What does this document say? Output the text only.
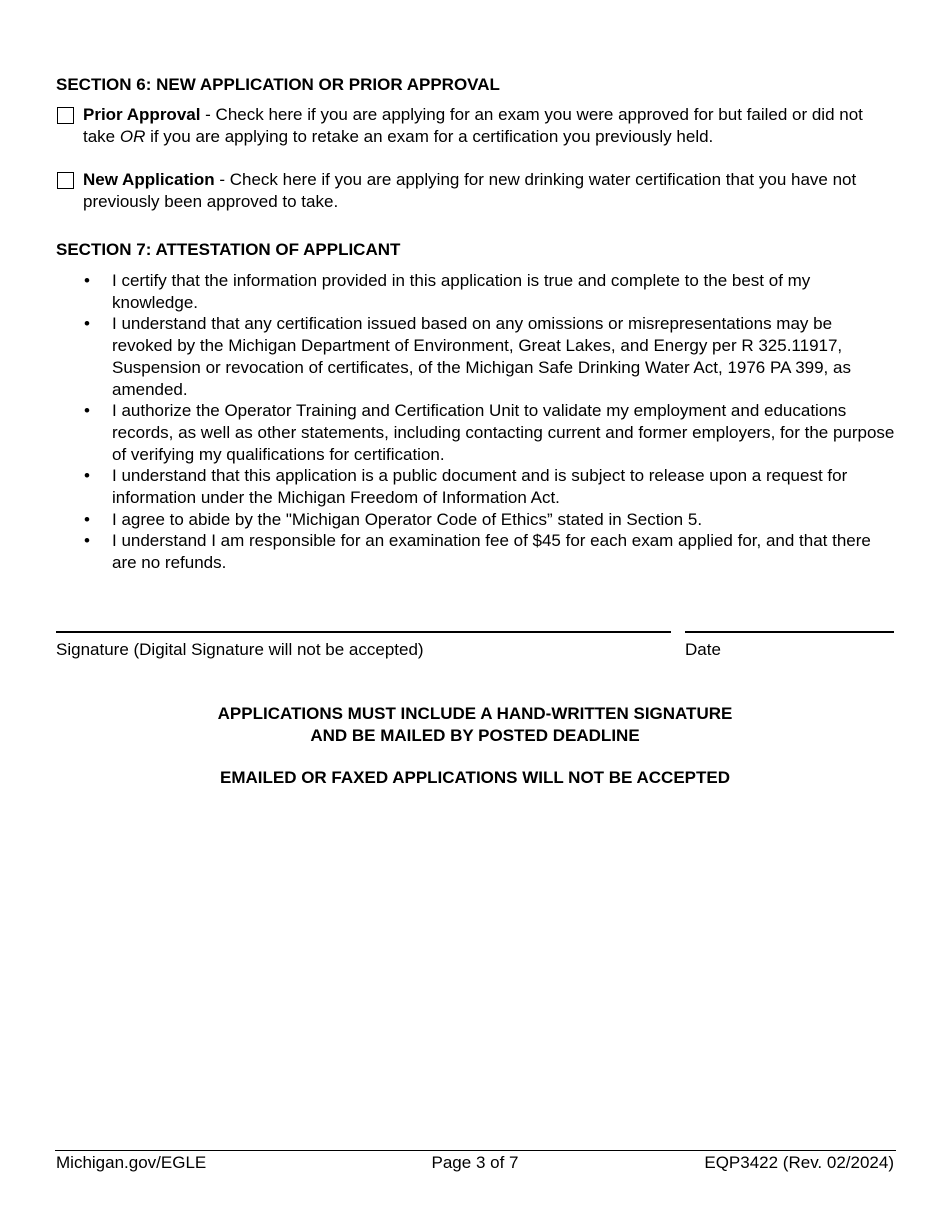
SECTION 6: NEW APPLICATION OR PRIOR APPROVAL
Prior Approval - Check here if you are applying for an exam you were approved for but failed or did not take OR if you are applying to retake an exam for a certification you previously held.
New Application - Check here if you are applying for new drinking water certification that you have not previously been approved to take.
SECTION 7: ATTESTATION OF APPLICANT
• I certify that the information provided in this application is true and complete to the best of my knowledge.
• I understand that any certification issued based on any omissions or misrepresentations may be revoked by the Michigan Department of Environment, Great Lakes, and Energy per R 325.11917, Suspension or revocation of certificates, of the Michigan Safe Drinking Water Act, 1976 PA 399, as amended.
• I authorize the Operator Training and Certification Unit to validate my employment and educations records, as well as other statements, including contacting current and former employers, for the purpose of verifying my qualifications for certification.
• I understand that this application is a public document and is subject to release upon a request for information under the Michigan Freedom of Information Act.
• I agree to abide by the "Michigan Operator Code of Ethics” stated in Section 5.
• I understand I am responsible for an examination fee of $45 for each exam applied for, and that there are no refunds.
Signature (Digital Signature will not be accepted)	Date
APPLICATIONS MUST INCLUDE A HAND-WRITTEN SIGNATURE
AND BE MAILED BY POSTED DEADLINE
EMAILED OR FAXED APPLICATIONS WILL NOT BE ACCEPTED
Michigan.gov/EGLE	Page 3 of 7	EQP3422 (Rev. 02/2024)
